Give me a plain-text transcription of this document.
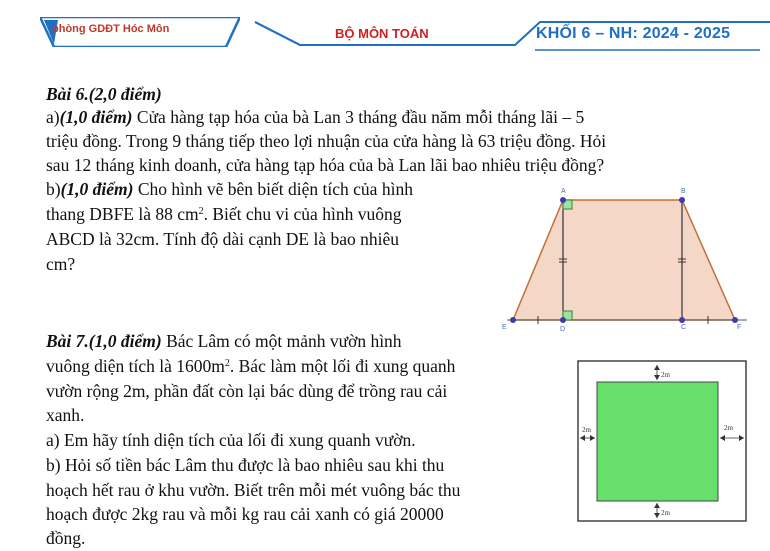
phòng GDĐT Hóc Môn	BỘ MÔN TOÁN	KHỐI 6 – NH: 2024 - 2025
Bài 6.(2,0 điểm)
a)(1,0 điểm) Cửa hàng tạp hóa của bà Lan 3 tháng đầu năm mỗi tháng lãi – 5
triệu đồng. Trong 9 tháng tiếp theo lợi nhuận của cửa hàng là 63 triệu đồng. Hỏi
sau 12 tháng kinh doanh, cửa hàng tạp hóa của bà Lan lãi bao nhiêu triệu đồng?
b)(1,0 điểm) Cho hình vẽ bên biết diện tích của hình
thang DBFE là 88 $cm^2$. Biết chu vi của hình vuông
ABCD là 32cm. Tính độ dài cạnh DE là bao nhiêu
cm?
A	B
E	D	C	F
Bài 7.(1,0 điểm) Bác Lâm có một mảnh vườn hình
vuông diện tích là $1600m^2$. Bác làm một lối đi xung quanh
vườn rộng 2m, phần đất còn lại bác dùng để trồng rau cải
xanh.
a) Em hãy tính diện tích của lối đi xung quanh vườn.
b) Hỏi số tiền bác Lâm thu được là bao nhiêu sau khi thu
hoạch hết rau ở khu vườn. Biết trên mỗi mét vuông bác thu
hoạch được 2kg rau và mỗi kg rau cải xanh có giá 20000
đồng.
2m
2m
2m	2m
